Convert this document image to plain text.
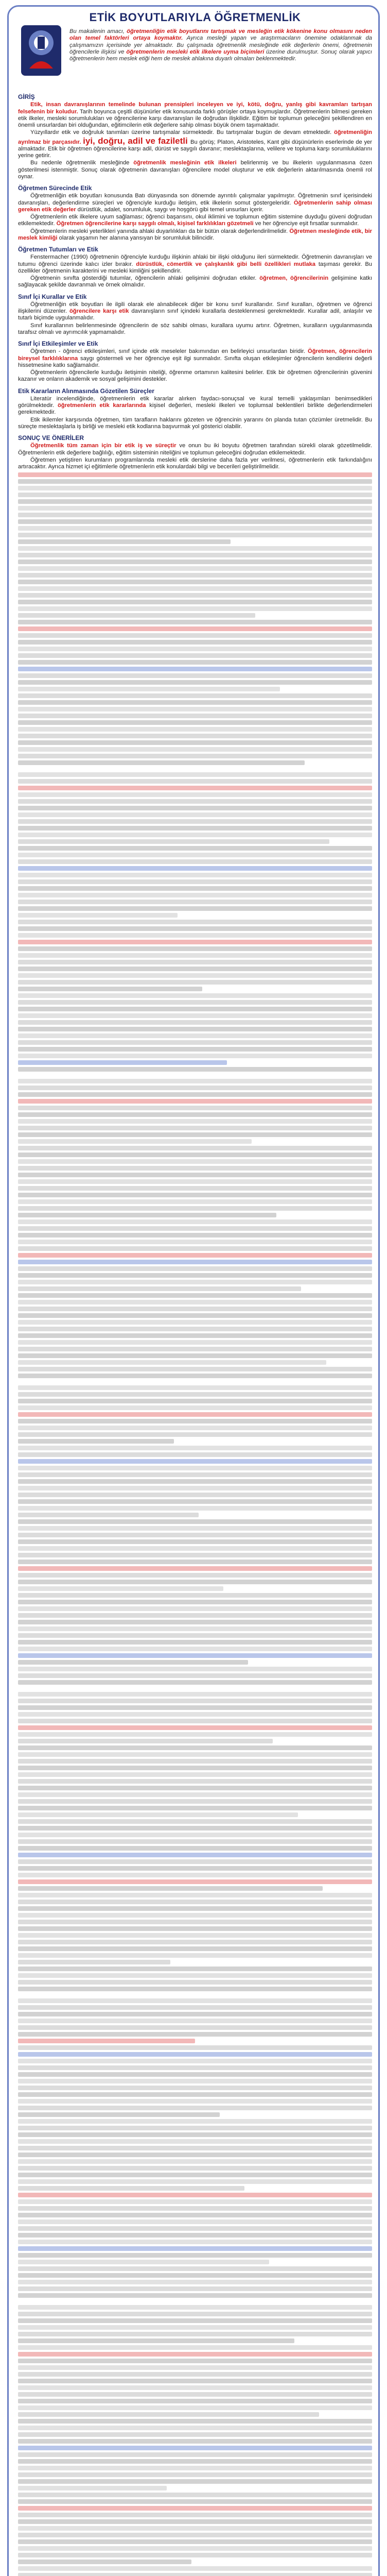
ETİK BOYUTLARIYLA ÖĞRETMENLİK
Bu makalenin amacı, öğretmenliğin etik boyutlarını tartışmak ve mesleğin etik kökenine konu olmasını neden olan temel faktörleri ortaya koymaktır. Ayrıca mesleği yapan ve araştırmacıların önemine odaklanmak da çalışmamızın içerisinde yer almaktadır. Bu çalışmada öğretmenlik mesleğinde etik değerlerin önemi, öğretmenin öğrencilerle ilişkisi ve öğretmenlerin mesleki etik ilkelere uyma biçimleri üzerine durulmuştur. Sonuç olarak yapıcı öğretmenlerin hem meslek etiği hem de meslek ahlakına duyarlı olmaları beklenmektedir.
GİRİŞ
Etik, insan davranışlarının temelinde bulunan prensipleri inceleyen ve iyi, kötü, doğru, yanlış gibi kavramları tartışan felsefenin bir koludur. Tarih boyunca çeşitli düşünürler etik konusunda farklı görüşler ortaya koymuşlardır. Öğretmenlerin bilmesi gereken etik ilkeler, mesleki sorumlulukları ve öğrencilerine karşı davranışları ile doğrudan ilişkilidir. Eğitim bir toplumun geleceğini şekillendiren en önemli unsurlardan biri olduğundan, eğitimcilerin etik değerlere sahip olması büyük önem taşımaktadır.
Yüzyıllardır etik ve doğruluk tanımları üzerine tartışmalar sürmektedir. Bu tartışmalar bugün de devam etmektedir. öğretmenliğin ayrılmaz bir parçasıdır. iyi, doğru, adil ve faziletli Bu görüş; Platon, Aristoteles, Kant gibi düşünürlerin eserlerinde de yer almaktadır. Etik bir öğretmen öğrencilerine karşı adil, dürüst ve saygılı davranır; meslektaşlarına, velilere ve topluma karşı sorumluluklarını yerine getirir.
Bu nedenle öğretmenlik mesleğinde öğretmenlik mesleğinin etik ilkeleri belirlenmiş ve bu ilkelerin uygulanmasına özen gösterilmesi istenmiştir. Sonuç olarak öğretmenin davranışları öğrencilere model oluşturur ve etik değerlerin aktarılmasında önemli rol oynar.
Öğretmen Sürecinde Etik
Öğretmenliğin etik boyutları konusunda Batı dünyasında son dönemde ayrıntılı çalışmalar yapılmıştır. Öğretmenin sınıf içerisindeki davranışları, değerlendirme süreçleri ve öğrenciyle kurduğu iletişim, etik ilkelerin somut göstergeleridir. Öğretmenlerin sahip olması gereken etik değerler dürüstlük, adalet, sorumluluk, saygı ve hoşgörü gibi temel unsurları içerir.
Öğretmenlerin etik ilkelere uyum sağlaması; öğrenci başarısını, okul iklimini ve toplumun eğitim sistemine duyduğu güveni doğrudan etkilemektedir. Öğretmen öğrencilerine karşı saygılı olmalı, kişisel farklılıkları gözetmeli ve her öğrenciye eşit fırsatlar sunmalıdır.
Öğretmenlerin mesleki yeterlikleri yanında ahlaki duyarlılıkları da bir bütün olarak değerlendirilmelidir. Öğretmen mesleğinde etik, bir meslek kimliği olarak yaşamın her alanına yansıyan bir sorumluluk bilincidir.
Öğretmen Tutumları ve Etik
Fenstermacher (1990) öğretmenin öğrenciyle kurduğu ilişkinin ahlaki bir ilişki olduğunu ileri sürmektedir. Öğretmenin davranışları ve tutumu öğrenci üzerinde kalıcı izler bırakır. dürüstlük, cömertlik ve çalışkanlık gibi belli özellikleri mutlaka taşıması gerekir. Bu özellikler öğretmenin karakterini ve mesleki kimliğini şekillendirir.
Öğretmenin sınıfta gösterdiği tutumlar, öğrencilerin ahlaki gelişimini doğrudan etkiler. öğretmen, öğrencilerinin gelişimine katkı sağlayacak şekilde davranmalı ve örnek olmalıdır.
Sınıf İçi Kurallar ve Etik
Öğretmenliğin etik boyutları ile ilgili olarak ele alınabilecek diğer bir konu sınıf kurallarıdır. Sınıf kuralları, öğretmen ve öğrenci ilişkilerini düzenler. öğrencilere karşı etik davranışların sınıf içindeki kurallarla desteklenmesi gerekmektedir. Kurallar adil, anlaşılır ve tutarlı biçimde uygulanmalıdır.
Sınıf kurallarının belirlenmesinde öğrencilerin de söz sahibi olması, kurallara uyumu artırır. Öğretmen, kuralların uygulanmasında tarafsız olmalı ve ayrımcılık yapmamalıdır.
Sınıf İçi Etkileşimler ve Etik
Öğretmen - öğrenci etkileşimleri, sınıf içinde etik meseleler bakımından en belirleyici unsurlardan biridir. Öğretmen, öğrencilerin bireysel farklılıklarına saygı göstermeli ve her öğrenciye eşit ilgi sunmalıdır. Sınıfta oluşan etkileşimler öğrencilerin kendilerini değerli hissetmesine katkı sağlamalıdır.
Öğretmenlerin öğrencilerle kurduğu iletişimin niteliği, öğrenme ortamının kalitesini belirler. Etik bir öğretmen öğrencilerinin güvenini kazanır ve onların akademik ve sosyal gelişimini destekler.
Etik Kararların Alınmasında Gözetilen Süreçler
Literatür incelendiğinde, öğretmenlerin etik kararlar alırken faydacı-sonuçsal ve kural temelli yaklaşımları benimsedikleri görülmektedir. öğretmenlerin etik kararlarında kişisel değerleri, mesleki ilkeleri ve toplumsal beklentileri birlikte değerlendirmeleri gerekmektedir.
Etik ikilemler karşısında öğretmen, tüm tarafların haklarını gözeten ve öğrencinin yararını ön planda tutan çözümler üretmelidir. Bu süreçte meslektaşlarla iş birliği ve mesleki etik kodlarına başvurmak yol gösterici olabilir.
SONUÇ VE ÖNERİLER
Öğretmenlik tüm zaman için bir etik iş ve süreçtir ve onun bu iki boyutu öğretmen tarafından sürekli olarak gözetilmelidir. Öğretmenlerin etik değerlere bağlılığı, eğitim sisteminin niteliğini ve toplumun geleceğini doğrudan etkilemektedir.
Öğretmen yetiştiren kurumların programlarında mesleki etik derslerine daha fazla yer verilmesi, öğretmenlerin etik farkındalığını artıracaktır. Ayrıca hizmet içi eğitimlerle öğretmenlerin etik konulardaki bilgi ve becerileri geliştirilmelidir.
